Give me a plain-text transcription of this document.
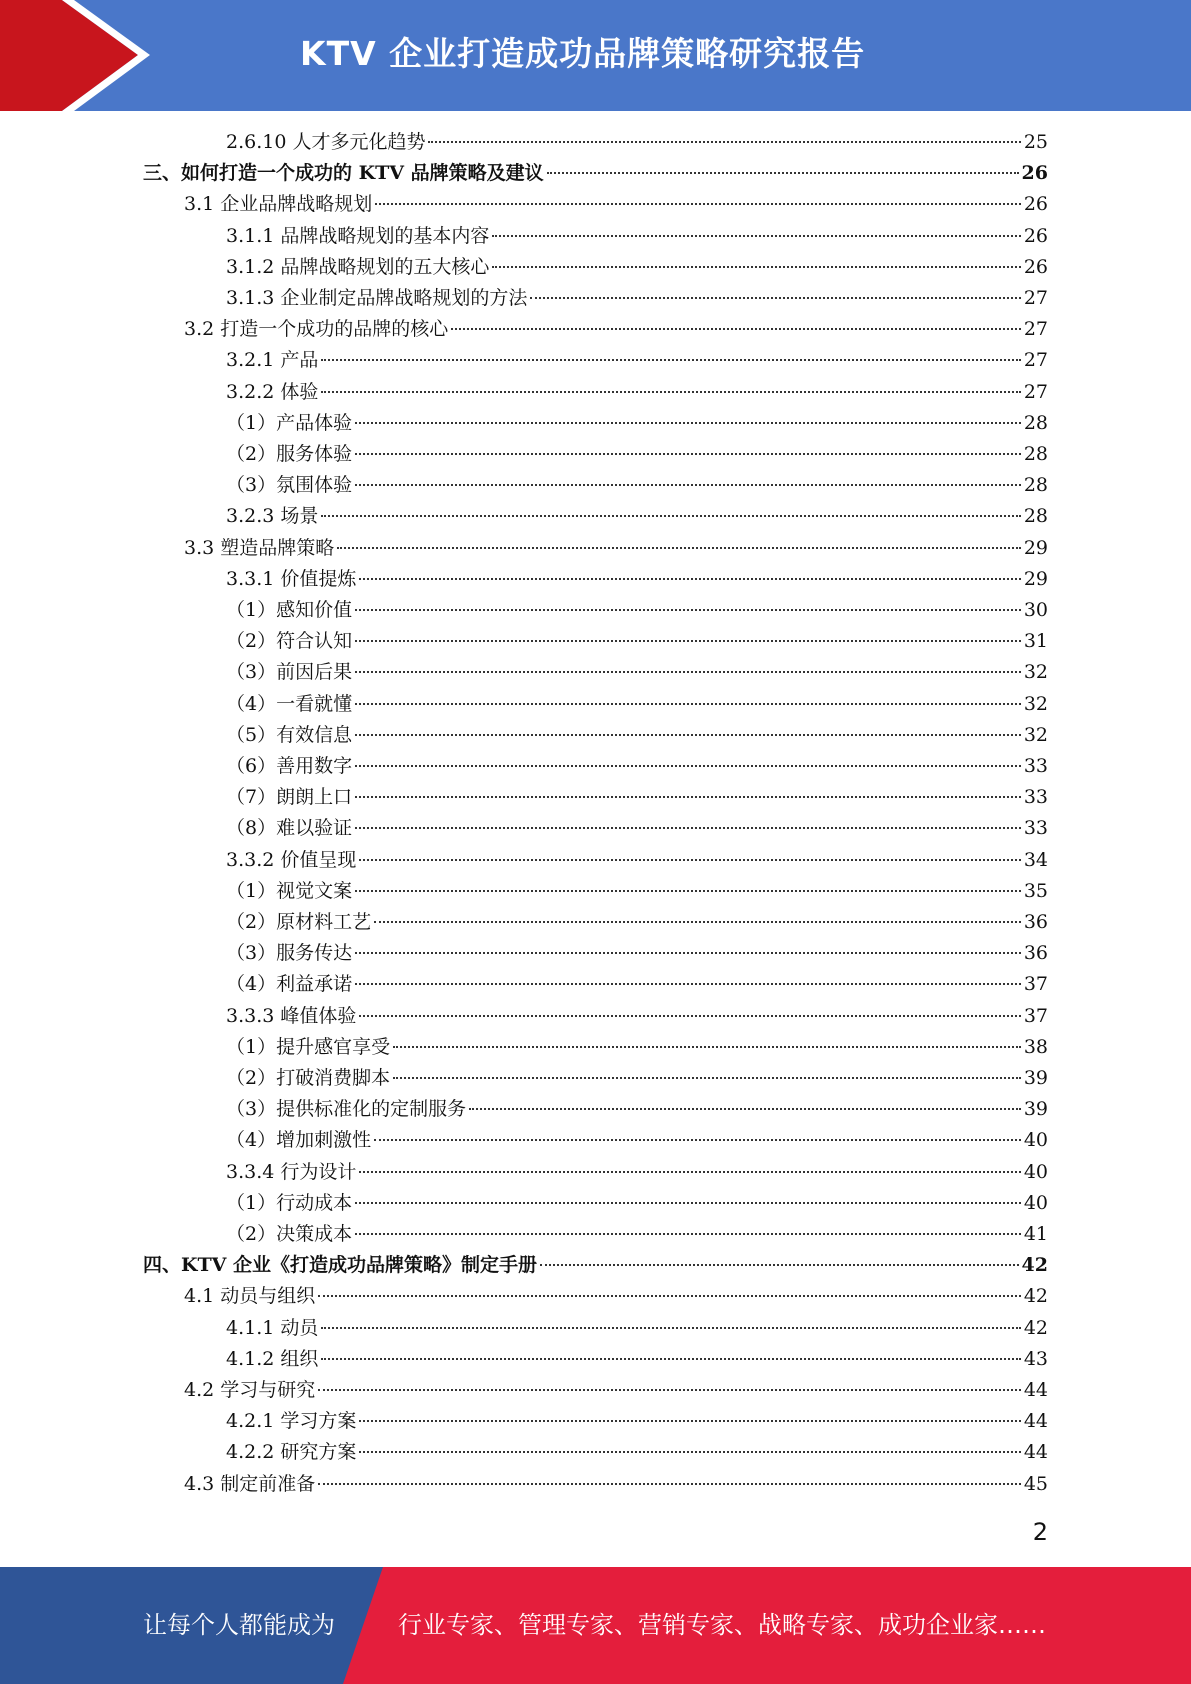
KTV 企业打造成功品牌策略研究报告
2.6.10 人才多元化趋势	25
三、如何打造一个成功的 KTV 品牌策略及建议	26
3.1 企业品牌战略规划	26
3.1.1 品牌战略规划的基本内容	26
3.1.2 品牌战略规划的五大核心	26
3.1.3 企业制定品牌战略规划的方法	27
3.2 打造一个成功的品牌的核心	27
3.2.1 产品	27
3.2.2 体验	27
（1）产品体验	28
（2）服务体验	28
（3）氛围体验	28
3.2.3 场景	28
3.3 塑造品牌策略	29
3.3.1 价值提炼	29
（1）感知价值	30
（2）符合认知	31
（3）前因后果	32
（4）一看就懂	32
（5）有效信息	32
（6）善用数字	33
（7）朗朗上口	33
（8）难以验证	33
3.3.2 价值呈现	34
（1）视觉文案	35
（2）原材料工艺	36
（3）服务传达	36
（4）利益承诺	37
3.3.3 峰值体验	37
（1）提升感官享受	38
（2）打破消费脚本	39
（3）提供标准化的定制服务	39
（4）增加刺激性	40
3.3.4 行为设计	40
（1）行动成本	40
（2）决策成本	41
四、KTV 企业《打造成功品牌策略》制定手册	42
4.1 动员与组织	42
4.1.1 动员	42
4.1.2 组织	43
4.2 学习与研究	44
4.2.1 学习方案	44
4.2.2 研究方案	44
4.3 制定前准备	45
2
让每个人都能成为	行业专家、管理专家、营销专家、战略专家、成功企业家……
